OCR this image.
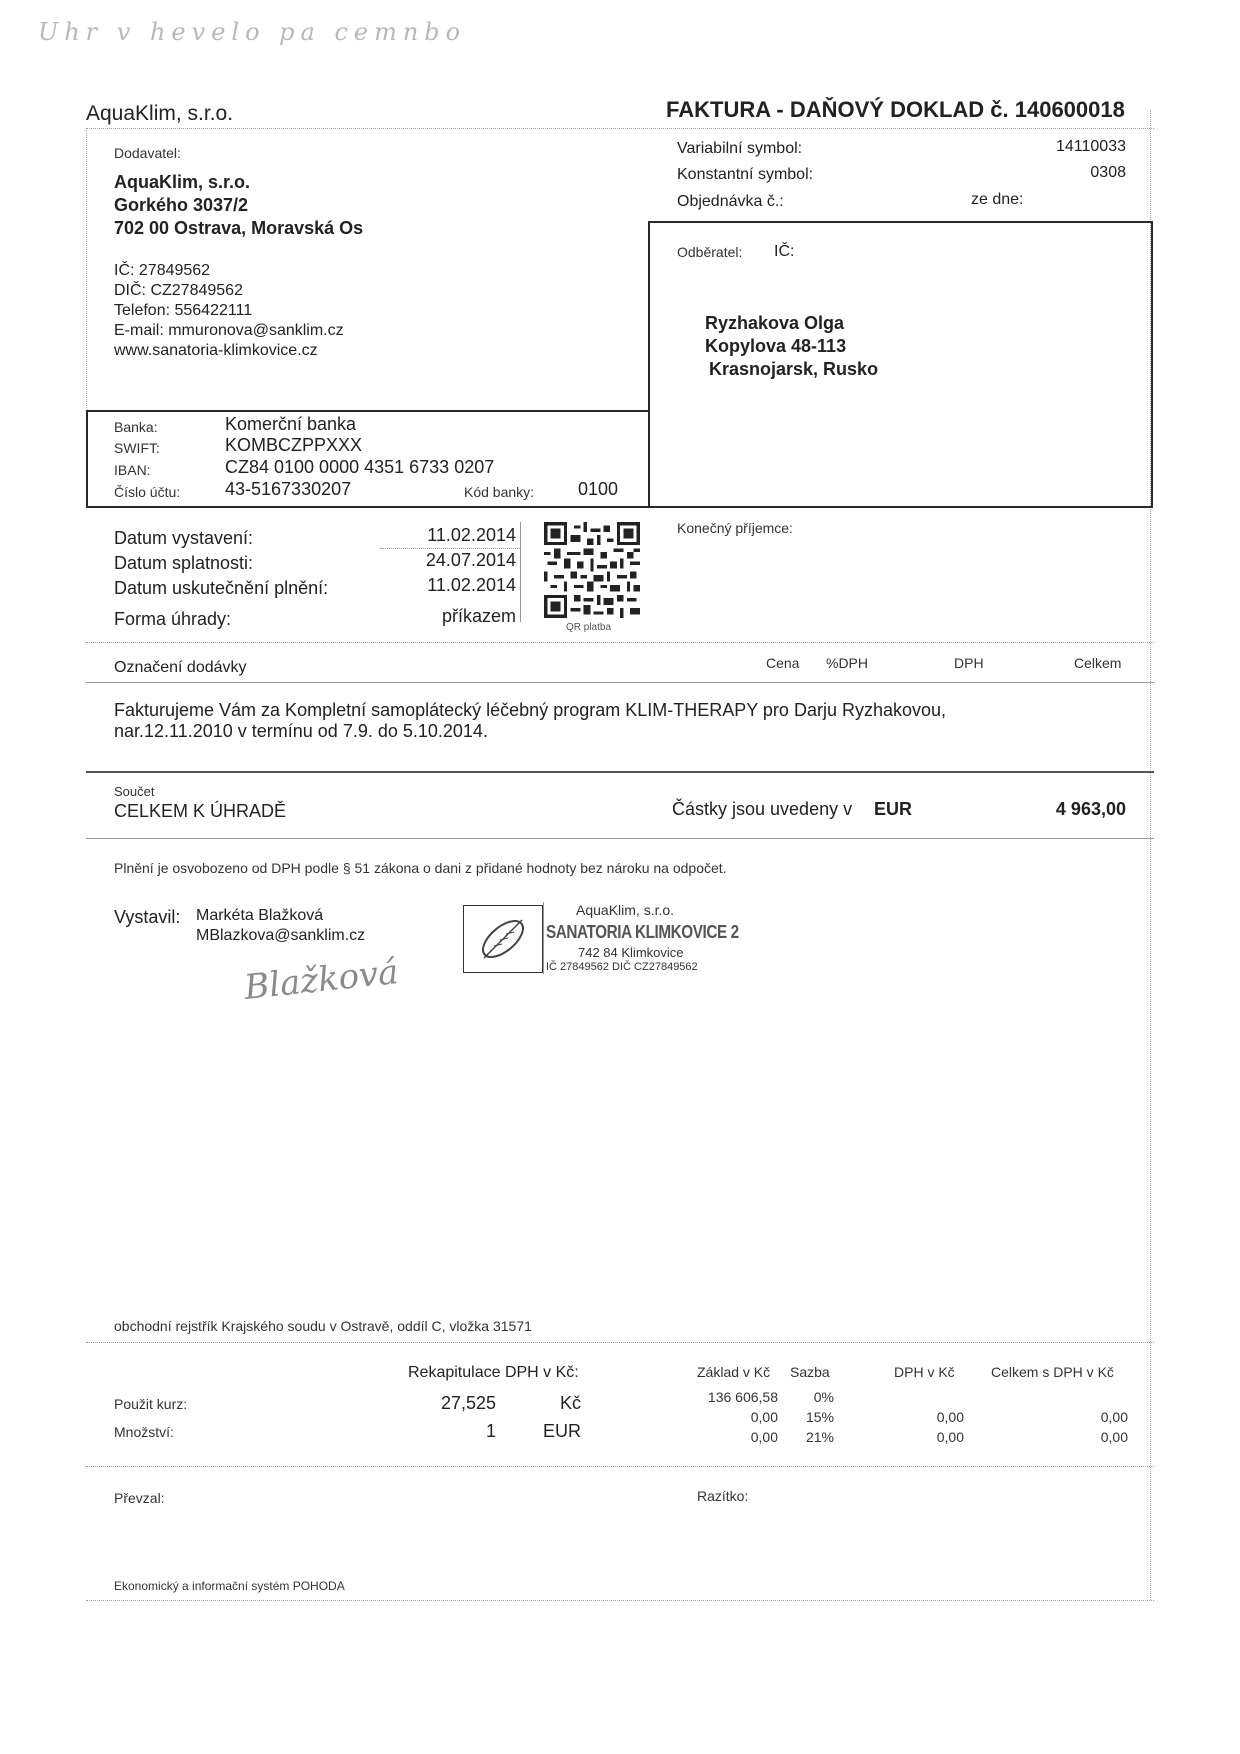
Uhr v hevelo pa cemnbo
AquaKlim, s.r.o.	FAKTURA - DAŇOVÝ DOKLAD č. 140600018
Dodavatel:
AquaKlim, s.r.o.
Gorkého 3037/2
702 00 Ostrava, Moravská Os
IČ: 27849562
DIČ: CZ27849562
Telefon: 556422111
E-mail: mmuronova@sanklim.cz
www.sanatoria-klimkovice.cz
Variabilní symbol:	14110033
Konstantní symbol:	0308
Objednávka č.:	ze dne:
Odběratel: IČ:
Ryzhakova Olga
Kopylova 48-113
Krasnojarsk, Rusko
Banka:	Komerční banka
SWIFT:	KOMBCZPPXXX
IBAN:	CZ84 0100 0000 4351 6733 0207
Číslo účtu: 43-5167330207	Kód banky: 0100
Datum vystavení:	11.02.2014
Datum splatnosti:	24.07.2014
Datum uskutečnění plnění:	11.02.2014
Forma úhrady:	příkazem
QR platba
Konečný příjemce:
Označení dodávky	Cena %DPH	DPH	Celkem
Fakturujeme Vám za Kompletní samoplátecký léčebný program KLIM-THERAPY pro Darju Ryzhakovou,
nar.12.11.2010 v termínu od 7.9. do 5.10.2014.
Součet
CELKEM K ÚHRADĚ	Částky jsou uvedeny v EUR	4 963,00
Plnění je osvobozeno od DPH podle § 51 zákona o dani z přidané hodnoty bez nároku na odpočet.
Vystavil: Markéta Blažková
MBlazkova@sanklim.cz
Blažková
AquaKlim, s.r.o.
SANATORIA KLIMKOVICE 2
742 84 Klimkovice
IČ 27849562 DIČ CZ27849562
obchodní rejstřík Krajského soudu v Ostravě, oddíl C, vložka 31571
Rekapitulace DPH v Kč:	Základ v Kč Sazba	DPH v Kč	Celkem s DPH v Kč
Použit kurz:	27,525	Kč
Množství:	1	EUR
136 606,58	0%
0,00	15%	0,00	0,00
0,00	21%	0,00	0,00
Převzal:	Razítko:
Ekonomický a informační systém POHODA
